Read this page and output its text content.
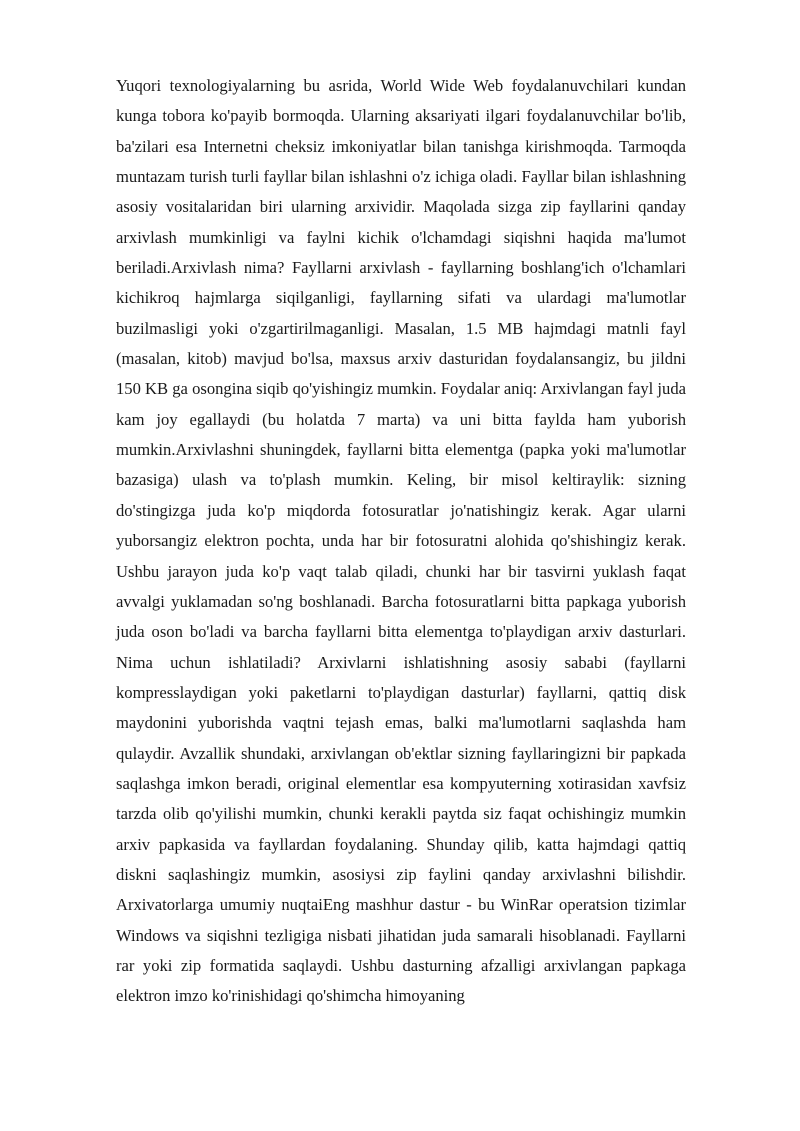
Yuqori texnologiyalarning bu asrida, World Wide Web foydalanuvchilari kundan kunga tobora ko'payib bormoqda. Ularning aksariyati ilgari foydalanuvchilar bo'lib, ba'zilari esa Internetni cheksiz imkoniyatlar bilan tanishga kirishmoqda. Tarmoqda muntazam turish turli fayllar bilan ishlashni o'z ichiga oladi. Fayllar bilan ishlashning asosiy vositalaridan biri ularning arxividir. Maqolada sizga zip fayllarini qanday arxivlash mumkinligi va faylni kichik o'lchamdagi siqishni haqida ma'lumot beriladi.Arxivlash nima? Fayllarni arxivlash - fayllarning boshlang'ich o'lchamlari kichikroq hajmlarga siqilganligi, fayllarning sifati va ulardagi ma'lumotlar buzilmasligi yoki o'zgartirilmaganligi. Masalan, 1.5 MB hajmdagi matnli fayl (masalan, kitob) mavjud bo'lsa, maxsus arxiv dasturidan foydalansangiz, bu jildni 150 KB ga osongina siqib qo'yishingiz mumkin. Foydalar aniq: Arxivlangan fayl juda kam joy egallaydi (bu holatda 7 marta) va uni bitta faylda ham yuborish mumkin.Arxivlashni shuningdek, fayllarni bitta elementga (papka yoki ma'lumotlar bazasiga) ulash va to'plash mumkin. Keling, bir misol keltiraylik: sizning do'stingizga juda ko'p miqdorda fotosuratlar jo'natishingiz kerak. Agar ularni yuborsangiz elektron pochta, unda har bir fotosuratni alohida qo'shishingiz kerak. Ushbu jarayon juda ko'p vaqt talab qiladi, chunki har bir tasvirni yuklash faqat avvalgi yuklamadan so'ng boshlanadi. Barcha fotosuratlarni bitta papkaga yuborish juda oson bo'ladi va barcha fayllarni bitta elementga to'playdigan arxiv dasturlari. Nima uchun ishlatiladi? Arxivlarni ishlatishning asosiy sababi (fayllarni kompresslaydigan yoki paketlarni to'playdigan dasturlar) fayllarni, qattiq disk maydonini yuborishda vaqtni tejash emas, balki ma'lumotlarni saqlashda ham qulaydir. Avzallik shundaki, arxivlangan ob'ektlar sizning fayllaringizni bir papkada saqlashga imkon beradi, original elementlar esa kompyuterning xotirasidan xavfsiz tarzda olib qo'yilishi mumkin, chunki kerakli paytda siz faqat ochishingiz mumkin arxiv papkasida va fayllardan foydalaning. Shunday qilib, katta hajmdagi qattiq diskni saqlashingiz mumkin, asosiysi zip faylini qanday arxivlashni bilishdir. Arxivatorlarga umumiy nuqtaiEng mashhur dastur - bu WinRar operatsion tizimlar Windows va siqishni tezligiga nisbati jihatidan juda samarali hisoblanadi. Fayllarni rar yoki zip formatida saqlaydi. Ushbu dasturning afzalligi arxivlangan papkaga elektron imzo ko'rinishidagi qo'shimcha himoyaning
